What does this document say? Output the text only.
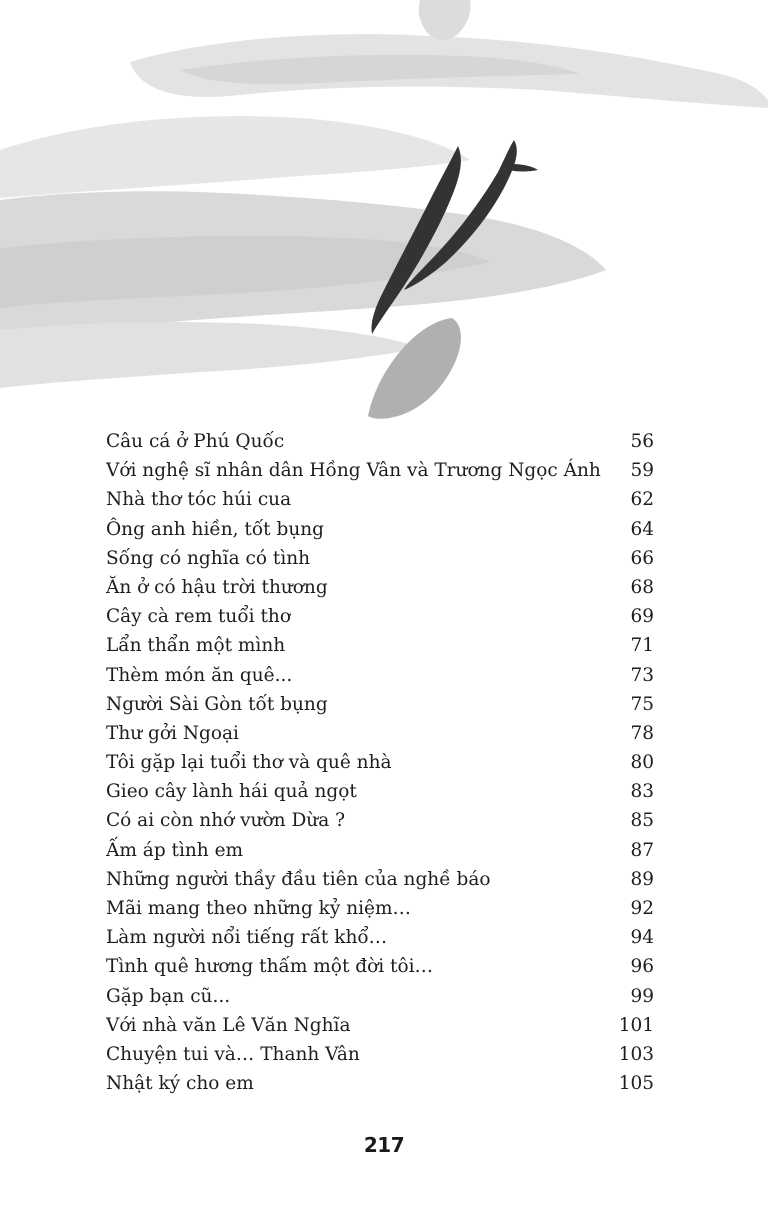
Câu cá ở Phú Quốc	56
Với nghệ sĩ nhân dân Hồng Vân và Trương Ngọc Ánh	59
Nhà thơ tóc húi cua	62
Ông anh hiền, tốt bụng	64
Sống có nghĩa có tình	66
Ăn ở có hậu trời thương	68
Cây cà rem tuổi thơ	69
Lẩn thẩn một mình	71
Thèm món ăn quê...	73
Người Sài Gòn tốt bụng	75
Thư gởi Ngoại	78
Tôi gặp lại tuổi thơ và quê nhà	80
Gieo cây lành hái quả ngọt	83
Có ai còn nhớ vườn Dừa ?	85
Ấm áp tình em	87
Những người thầy đầu tiên của nghề báo	89
Mãi mang theo những kỷ niệm…	92
Làm người nổi tiếng rất khổ…	94
Tình quê hương thấm một đời tôi…	96
Gặp bạn cũ...	99
Với nhà văn Lê Văn Nghĩa	101
Chuyện tui và… Thanh Vân	103
Nhật ký cho em	105
217
